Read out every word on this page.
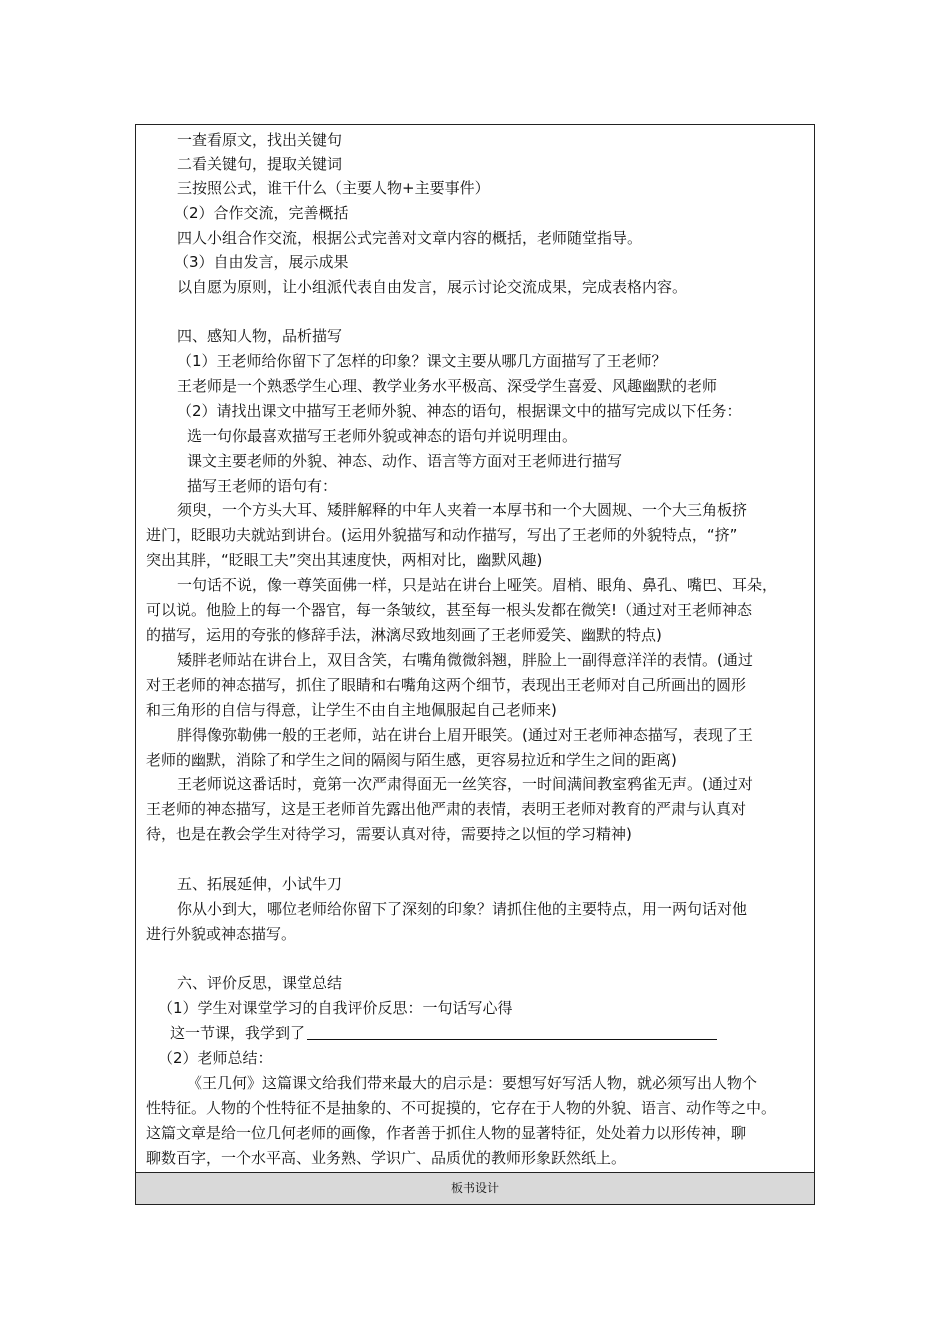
一查看原文，找出关键句
二看关键句，提取关键词
三按照公式，谁干什么（主要人物+主要事件）
（2）合作交流，完善概括
四人小组合作交流，根据公式完善对文章内容的概括，老师随堂指导。
（3）自由发言，展示成果
以自愿为原则，让小组派代表自由发言，展示讨论交流成果，完成表格内容。
四、感知人物，品析描写
（1）王老师给你留下了怎样的印象？课文主要从哪几方面描写了王老师？
王老师是一个熟悉学生心理、教学业务水平极高、深受学生喜爱、风趣幽默的老师
（2）请找出课文中描写王老师外貌、神态的语句，根据课文中的描写完成以下任务：
选一句你最喜欢描写王老师外貌或神态的语句并说明理由。
课文主要老师的外貌、神态、动作、语言等方面对王老师进行描写
描写王老师的语句有：
须臾，一个方头大耳、矮胖解释的中年人夹着一本厚书和一个大圆规、一个大三角板挤
进门，眨眼功夫就站到讲台。(运用外貌描写和动作描写，写出了王老师的外貌特点，“挤”
突出其胖，“眨眼工夫”突出其速度快，两相对比，幽默风趣)
一句话不说，像一尊笑面佛一样，只是站在讲台上哑笑。眉梢、眼角、鼻孔、嘴巴、耳朵，
可以说。他脸上的每一个器官，每一条皱纹，甚至每一根头发都在微笑!（通过对王老师神态
的描写，运用的夸张的修辞手法，淋漓尽致地刻画了王老师爱笑、幽默的特点)
矮胖老师站在讲台上，双目含笑，右嘴角微微斜翘，胖脸上一副得意洋洋的表情。(通过
对王老师的神态描写，抓住了眼睛和右嘴角这两个细节，表现出王老师对自己所画出的圆形
和三角形的自信与得意，让学生不由自主地佩服起自己老师来)
胖得像弥勒佛一般的王老师，站在讲台上眉开眼笑。(通过对王老师神态描写，表现了王
老师的幽默，消除了和学生之间的隔阂与陌生感，更容易拉近和学生之间的距离)
王老师说这番话时，竟第一次严肃得面无一丝笑容，一时间满间教室鸦雀无声。(通过对
王老师的神态描写，这是王老师首先露出他严肃的表情，表明王老师对教育的严肃与认真对
待，也是在教会学生对待学习，需要认真对待，需要持之以恒的学习精神)
五、拓展延伸，小试牛刀
你从小到大，哪位老师给你留下了深刻的印象？请抓住他的主要特点，用一两句话对他
进行外貌或神态描写。
六、评价反思，课堂总结
（1）学生对课堂学习的自我评价反思：一句话写心得
这一节课，我学到了
（2）老师总结：
《王几何》这篇课文给我们带来最大的启示是：要想写好写活人物，就必须写出人物个
性特征。人物的个性特征不是抽象的、不可捉摸的，它存在于人物的外貌、语言、动作等之中。
这篇文章是给一位几何老师的画像，作者善于抓住人物的显著特征，处处着力以形传神，聊
聊数百字，一个水平高、业务熟、学识广、品质优的教师形象跃然纸上。
板书设计
